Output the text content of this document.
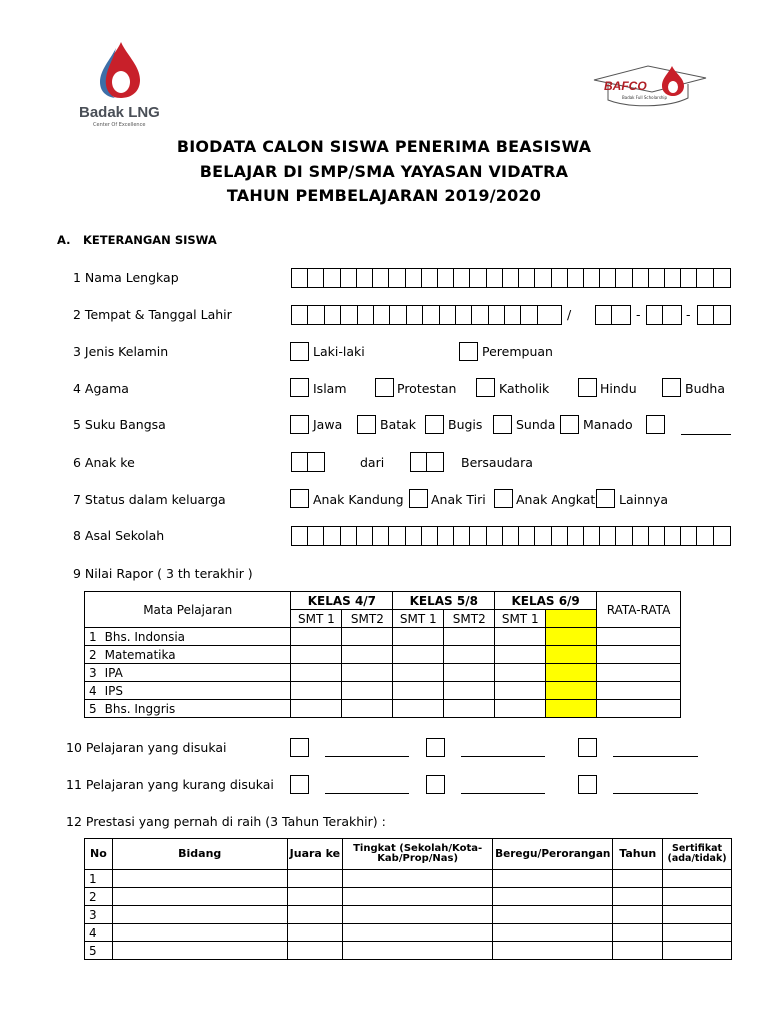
Badak LNG
Center Of Excellence
BAFCO
Badak Full Scholarship
BIODATA CALON SISWA PENERIMA BEASISWA
BELAJAR DI SMP/SMA YAYASAN VIDATRA
TAHUN PEMBELAJARAN 2019/2020
A. KETERANGAN SISWA
1 Nama Lengkap
2 Tempat & Tanggal Lahir	/	-	-
3 Jenis Kelamin	Laki-laki	Perempuan
4 Agama	Islam	Protestan	Katholik	Hindu	Budha
5 Suku Bangsa	Jawa	Batak	Bugis	Sunda Manado
6 Anak ke	dari	Bersaudara
7 Status dalam keluarga	Anak Kandung Anak Tiri Anak Angkat Lainnya
8 Asal Sekolah
9 Nilai Rapor ( 3 th terakhir )
Mata Pelajaran		KELAS 4/7		KELAS 5/8		KELAS 6/9		RATA-RATA
		SMT 1	SMT2	SMT 1	SMT2	SMT 1		
1	Bhs. Indonsia							
2	Matematika							
3	IPA							
4	IPS							
5	Bhs. Inggris							
10 Pelajaran yang disukai
11 Pelajaran yang kurang disukai
12 Prestasi yang pernah di raih (3 Tahun Terakhir) :
No	Bidang	Juara ke	Tingkat (Sekolah/Kota-Kab/Prop/Nas)	Beregu/Perorangan	Tahun	Sertifikat (ada/tidak)
1						
2						
3						
4						
5						
